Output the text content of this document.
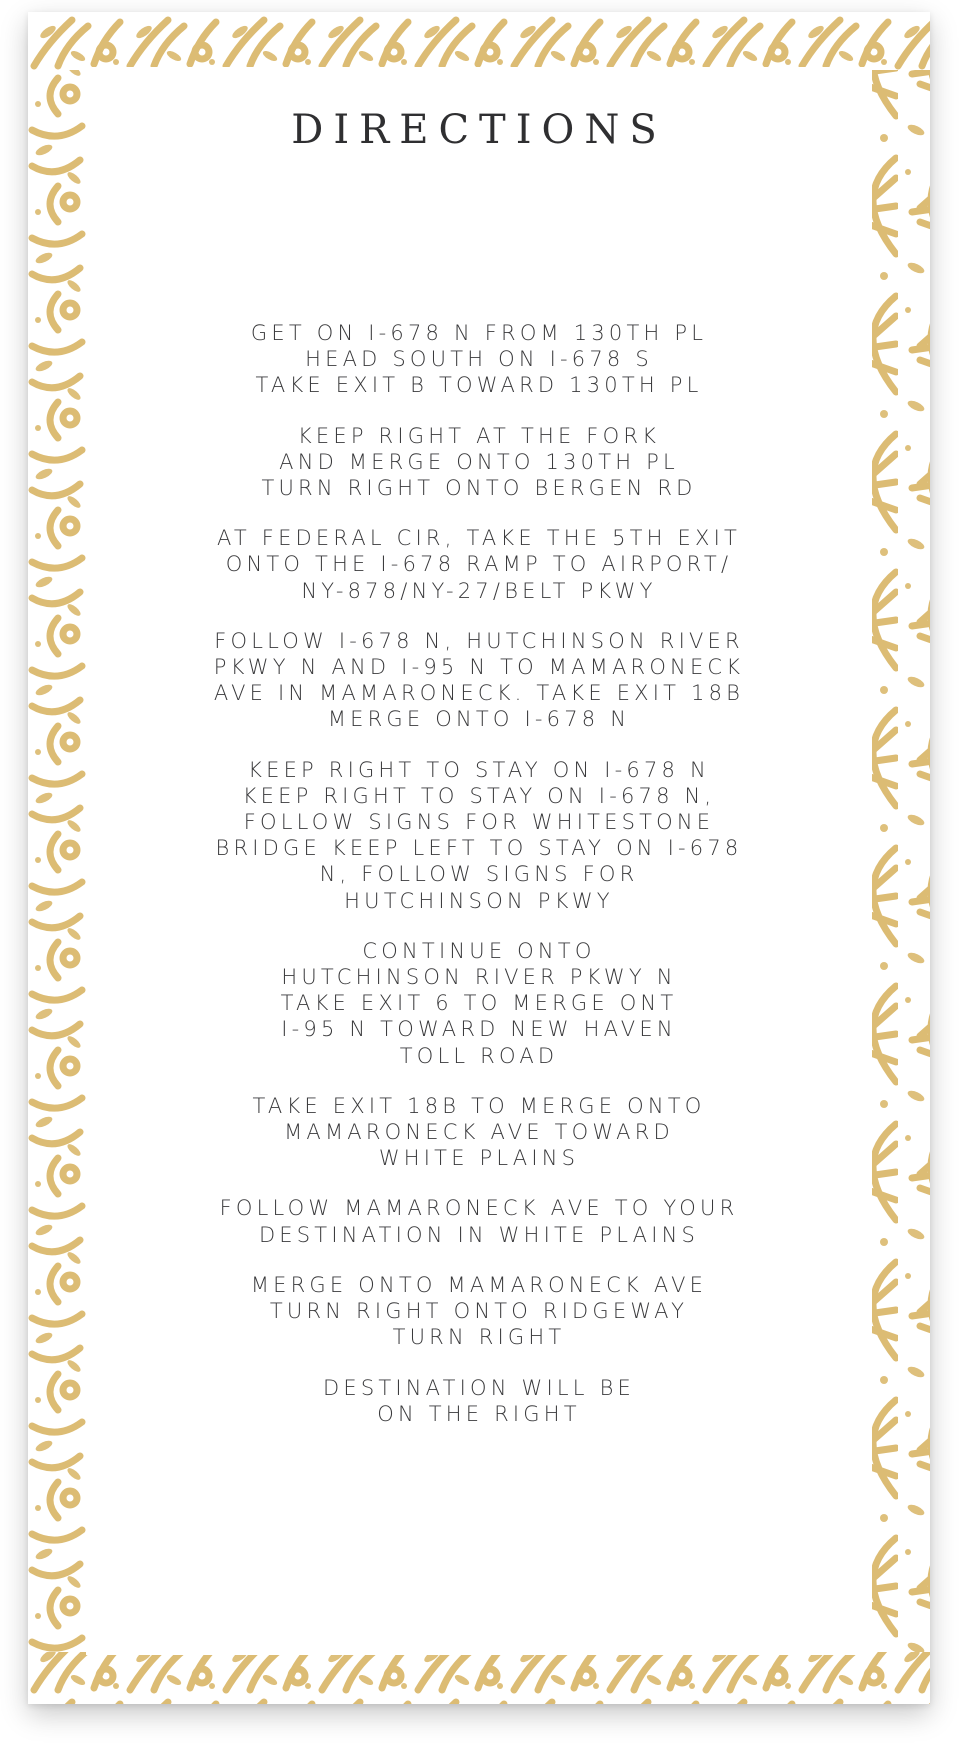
DIRECTIONS
GET ON I-678 N FROM 130TH PL
HEAD SOUTH ON I-678 S
TAKE EXIT B TOWARD 130TH PL
KEEP RIGHT AT THE FORK
AND MERGE ONTO 130TH PL
TURN RIGHT ONTO BERGEN RD
AT FEDERAL CIR, TAKE THE 5TH EXIT
ONTO THE I-678 RAMP TO AIRPORT/
NY-878/NY-27/BELT PKWY
FOLLOW I-678 N, HUTCHINSON RIVER
PKWY N AND I-95 N TO MAMARONECK
AVE IN MAMARONECK. TAKE EXIT 18B
MERGE ONTO I-678 N
KEEP RIGHT TO STAY ON I-678 N
KEEP RIGHT TO STAY ON I-678 N,
FOLLOW SIGNS FOR WHITESTONE
BRIDGE KEEP LEFT TO STAY ON I-678
N, FOLLOW SIGNS FOR
HUTCHINSON PKWY
CONTINUE ONTO
HUTCHINSON RIVER PKWY N
TAKE EXIT 6 TO MERGE ONT
I-95 N TOWARD NEW HAVEN
TOLL ROAD
TAKE EXIT 18B TO MERGE ONTO
MAMARONECK AVE TOWARD
WHITE PLAINS
FOLLOW MAMARONECK AVE TO YOUR
DESTINATION IN WHITE PLAINS
MERGE ONTO MAMARONECK AVE
TURN RIGHT ONTO RIDGEWAY
TURN RIGHT
DESTINATION WILL BE
ON THE RIGHT
